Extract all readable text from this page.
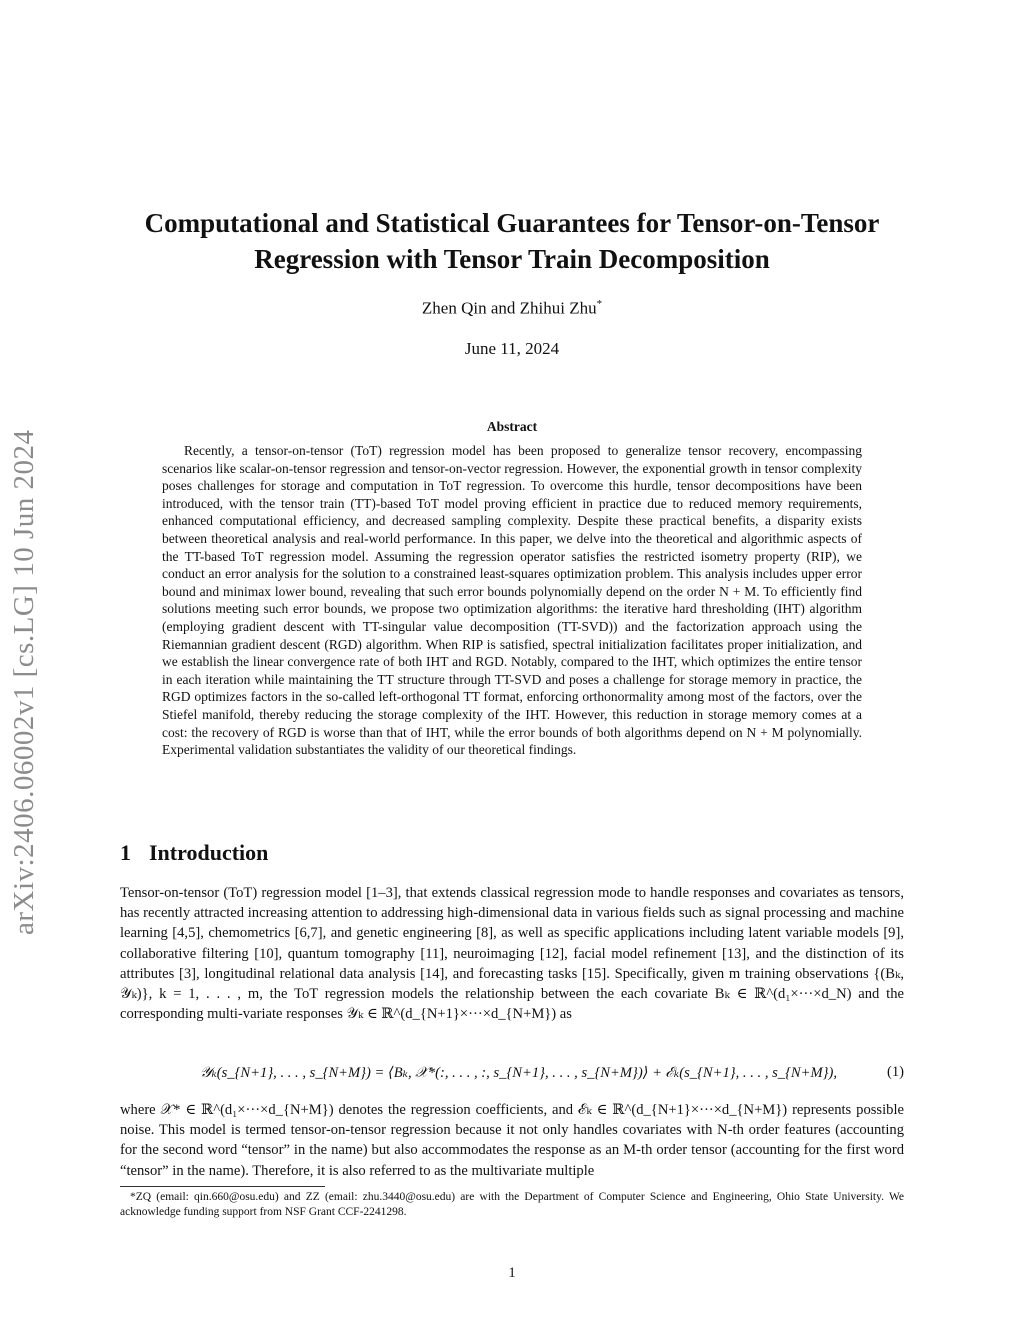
arXiv:2406.06002v1 [cs.LG] 10 Jun 2024
Computational and Statistical Guarantees for Tensor-on-Tensor Regression with Tensor Train Decomposition
Zhen Qin and Zhihui Zhu*
June 11, 2024
Abstract
Recently, a tensor-on-tensor (ToT) regression model has been proposed to generalize tensor recovery, encompassing scenarios like scalar-on-tensor regression and tensor-on-vector regression. However, the exponential growth in tensor complexity poses challenges for storage and computation in ToT regression. To overcome this hurdle, tensor decompositions have been introduced, with the tensor train (TT)-based ToT model proving efficient in practice due to reduced memory requirements, enhanced computational efficiency, and decreased sampling complexity. Despite these practical benefits, a disparity exists between theoretical analysis and real-world performance. In this paper, we delve into the theoretical and algorithmic aspects of the TT-based ToT regression model. Assuming the regression operator satisfies the restricted isometry property (RIP), we conduct an error analysis for the solution to a constrained least-squares optimization problem. This analysis includes upper error bound and minimax lower bound, revealing that such error bounds polynomially depend on the order N + M. To efficiently find solutions meeting such error bounds, we propose two optimization algorithms: the iterative hard thresholding (IHT) algorithm (employing gradient descent with TT-singular value decomposition (TT-SVD)) and the factorization approach using the Riemannian gradient descent (RGD) algorithm. When RIP is satisfied, spectral initialization facilitates proper initialization, and we establish the linear convergence rate of both IHT and RGD. Notably, compared to the IHT, which optimizes the entire tensor in each iteration while maintaining the TT structure through TT-SVD and poses a challenge for storage memory in practice, the RGD optimizes factors in the so-called left-orthogonal TT format, enforcing orthonormality among most of the factors, over the Stiefel manifold, thereby reducing the storage complexity of the IHT. However, this reduction in storage memory comes at a cost: the recovery of RGD is worse than that of IHT, while the error bounds of both algorithms depend on N + M polynomially. Experimental validation substantiates the validity of our theoretical findings.
1 Introduction
Tensor-on-tensor (ToT) regression model [1–3], that extends classical regression mode to handle responses and covariates as tensors, has recently attracted increasing attention to addressing high-dimensional data in various fields such as signal processing and machine learning [4,5], chemometrics [6,7], and genetic engineering [8], as well as specific applications including latent variable models [9], collaborative filtering [10], quantum tomography [11], neuroimaging [12], facial model refinement [13], and the distinction of its attributes [3], longitudinal relational data analysis [14], and forecasting tasks [15]. Specifically, given m training observations {(Bₖ, 𝒴ₖ)}, k = 1, . . . , m, the ToT regression models the relationship between the each covariate Bₖ ∈ ℝ^(d₁×···×d_N) and the corresponding multi-variate responses 𝒴ₖ ∈ ℝ^(d_{N+1}×···×d_{N+M}) as
𝒴ₖ(s_{N+1}, . . . , s_{N+M}) = ⟨Bₖ, 𝒳*(:, . . . , :, s_{N+1}, . . . , s_{N+M})⟩ + ℰₖ(s_{N+1}, . . . , s_{N+M}),	(1)
where 𝒳* ∈ ℝ^(d₁×···×d_{N+M}) denotes the regression coefficients, and ℰₖ ∈ ℝ^(d_{N+1}×···×d_{N+M}) represents possible noise. This model is termed tensor-on-tensor regression because it not only handles covariates with N-th order features (accounting for the second word “tensor” in the name) but also accommodates the response as an M-th order tensor (accounting for the first word “tensor” in the name). Therefore, it is also referred to as the multivariate multiple
*ZQ (email: qin.660@osu.edu) and ZZ (email: zhu.3440@osu.edu) are with the Department of Computer Science and Engineering, Ohio State University. We acknowledge funding support from NSF Grant CCF-2241298.
1
